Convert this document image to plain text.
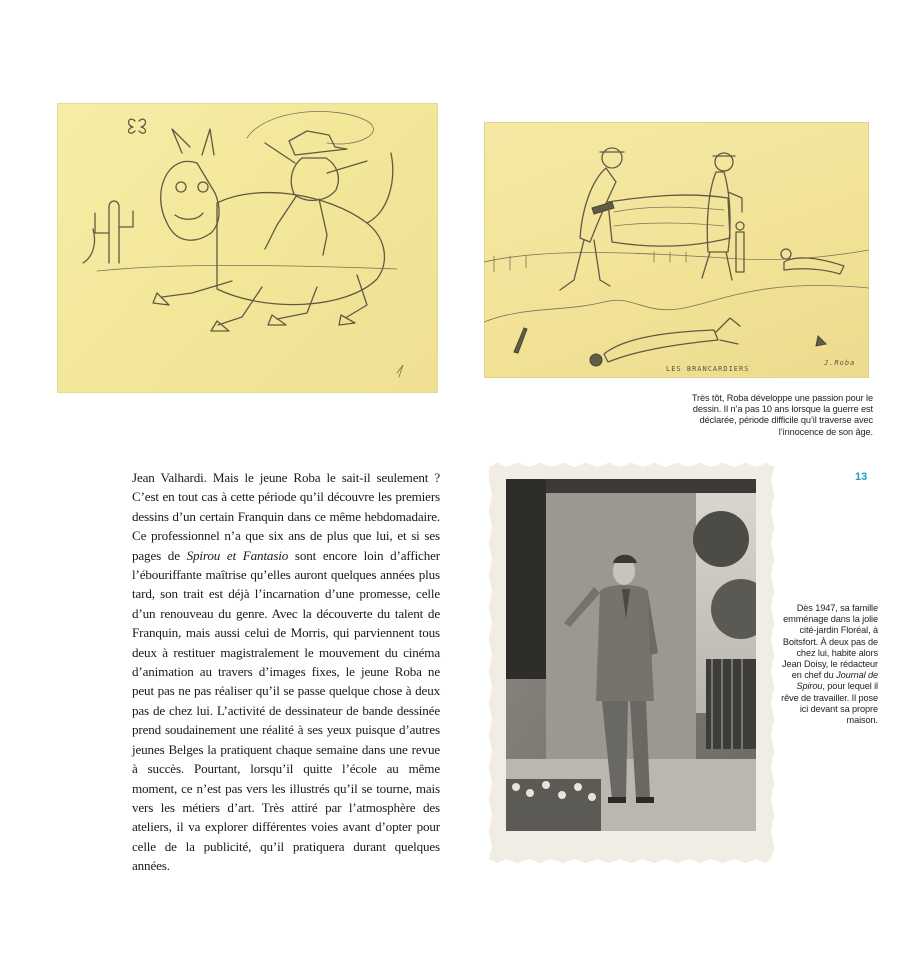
LES BRANCARDIERS
J.Roba
Très tôt, Roba développe une passion pour le dessin. Il n’a pas 10 ans lorsque la guerre est déclarée, période difficile qu’il traverse avec l’innocence de son âge.
13
Jean Valhardi. Mais le jeune Roba le sait-il seulement ? C’est en tout cas à cette période qu’il découvre les premiers dessins d’un certain Franquin dans ce même hebdomadaire. Ce professionnel n’a que six ans de plus que lui, et si ses pages de Spirou et Fantasio sont encore loin d’afficher l’ébouriffante maîtrise qu’elles auront quelques années plus tard, son trait est déjà l’incarnation d’une promesse, celle d’un renouveau du genre. Avec la découverte du talent de Franquin, mais aussi celui de Morris, qui parviennent tous deux à restituer magistralement le mouvement du cinéma d’animation au travers d’images fixes, le jeune Roba ne peut pas ne pas réaliser qu’il se passe quelque chose à deux pas de chez lui. L’activité de dessinateur de bande dessinée prend soudainement une réalité à ses yeux puisque d’autres jeunes Belges la pratiquent chaque semaine dans une revue à succès. Pourtant, lorsqu’il quitte l’école au même moment, ce n’est pas vers les illustrés qu’il se tourne, mais vers les métiers d’art. Très attiré par l’atmosphère des ateliers, il va explorer différentes voies avant d’opter pour celle de la publicité, qu’il pratiquera durant quelques années.
Dès 1947, sa famille emménage dans la jolie cité-jardin Floréal, à Boitsfort. À deux pas de chez lui, habite alors Jean Doisy, le rédacteur en chef du Journal de Spirou, pour lequel il rêve de travailler. Il pose ici devant sa propre maison.
